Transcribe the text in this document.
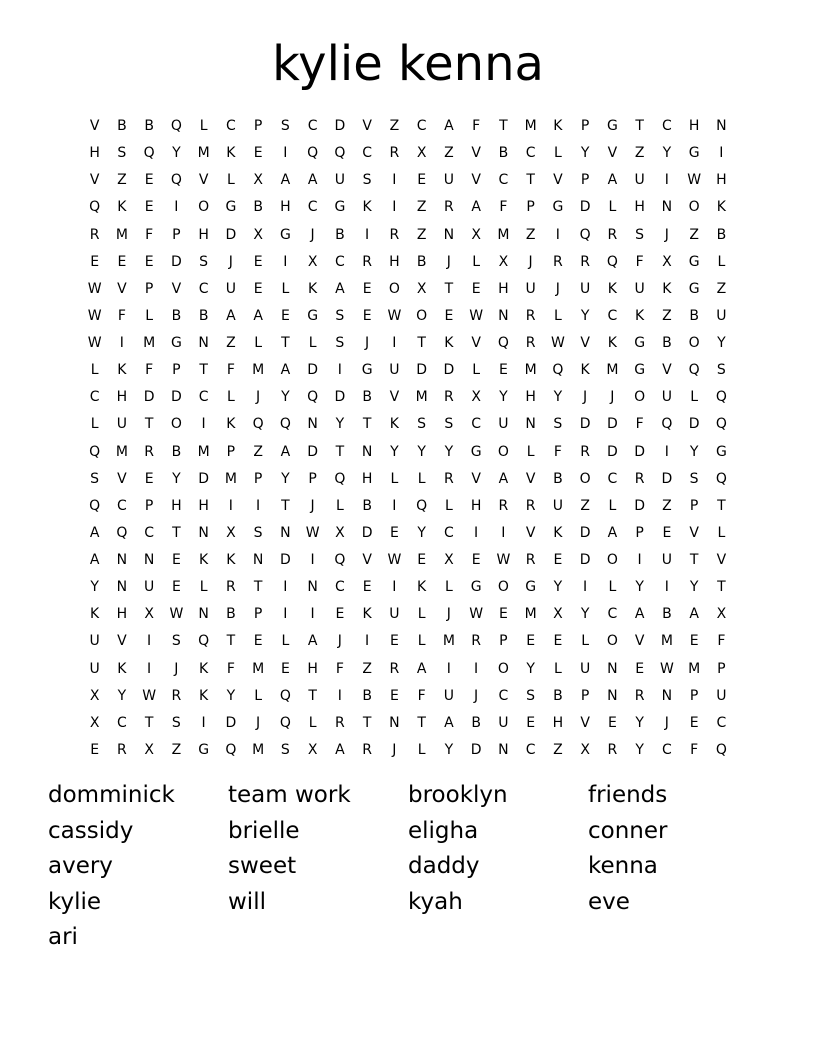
kylie kenna
V	B	B	Q	L	C	P	S	C	D	V	Z	C	A	F	T	M	K	P	G	T	C	H	N
H	S	Q	Y	M	K	E	I	Q	Q	C	R	X	Z	V	B	C	L	Y	V	Z	Y	G	I
V	Z	E	Q	V	L	X	A	A	U	S	I	E	U	V	C	T	V	P	A	U	I	W	H
Q	K	E	I	O	G	B	H	C	G	K	I	Z	R	A	F	P	G	D	L	H	N	O	K
R	M	F	P	H	D	X	G	J	B	I	R	Z	N	X	M	Z	I	Q	R	S	J	Z	B
E	E	E	D	S	J	E	I	X	C	R	H	B	J	L	X	J	R	R	Q	F	X	G	L
W	V	P	V	C	U	E	L	K	A	E	O	X	T	E	H	U	J	U	K	U	K	G	Z
W	F	L	B	B	A	A	E	G	S	E	W	O	E	W	N	R	L	Y	C	K	Z	B	U
W	I	M	G	N	Z	L	T	L	S	J	I	T	K	V	Q	R	W	V	K	G	B	O	Y
L	K	F	P	T	F	M	A	D	I	G	U	D	D	L	E	M	Q	K	M	G	V	Q	S
C	H	D	D	C	L	J	Y	Q	D	B	V	M	R	X	Y	H	Y	J	J	O	U	L	Q
L	U	T	O	I	K	Q	Q	N	Y	T	K	S	S	C	U	N	S	D	D	F	Q	D	Q
Q	M	R	B	M	P	Z	A	D	T	N	Y	Y	Y	G	O	L	F	R	D	D	I	Y	G
S	V	E	Y	D	M	P	Y	P	Q	H	L	L	R	V	A	V	B	O	C	R	D	S	Q
Q	C	P	H	H	I	I	T	J	L	B	I	Q	L	H	R	R	U	Z	L	D	Z	P	T
A	Q	C	T	N	X	S	N	W	X	D	E	Y	C	I	I	V	K	D	A	P	E	V	L
A	N	N	E	K	K	N	D	I	Q	V	W	E	X	E	W	R	E	D	O	I	U	T	V
Y	N	U	E	L	R	T	I	N	C	E	I	K	L	G	O	G	Y	I	L	Y	I	Y	T
K	H	X	W	N	B	P	I	I	E	K	U	L	J	W	E	M	X	Y	C	A	B	A	X
U	V	I	S	Q	T	E	L	A	J	I	E	L	M	R	P	E	E	L	O	V	M	E	F
U	K	I	J	K	F	M	E	H	F	Z	R	A	I	I	O	Y	L	U	N	E	W	M	P
X	Y	W	R	K	Y	L	Q	T	I	B	E	F	U	J	C	S	B	P	N	R	N	P	U
X	C	T	S	I	D	J	Q	L	R	T	N	T	A	B	U	E	H	V	E	Y	J	E	C
E	R	X	Z	G	Q	M	S	X	A	R	J	L	Y	D	N	C	Z	X	R	Y	C	F	Q
domminick	team work	brooklyn	friends
cassidy	brielle	eligha	conner
avery	sweet	daddy	kenna
kylie	will	kyah	eve
ari
